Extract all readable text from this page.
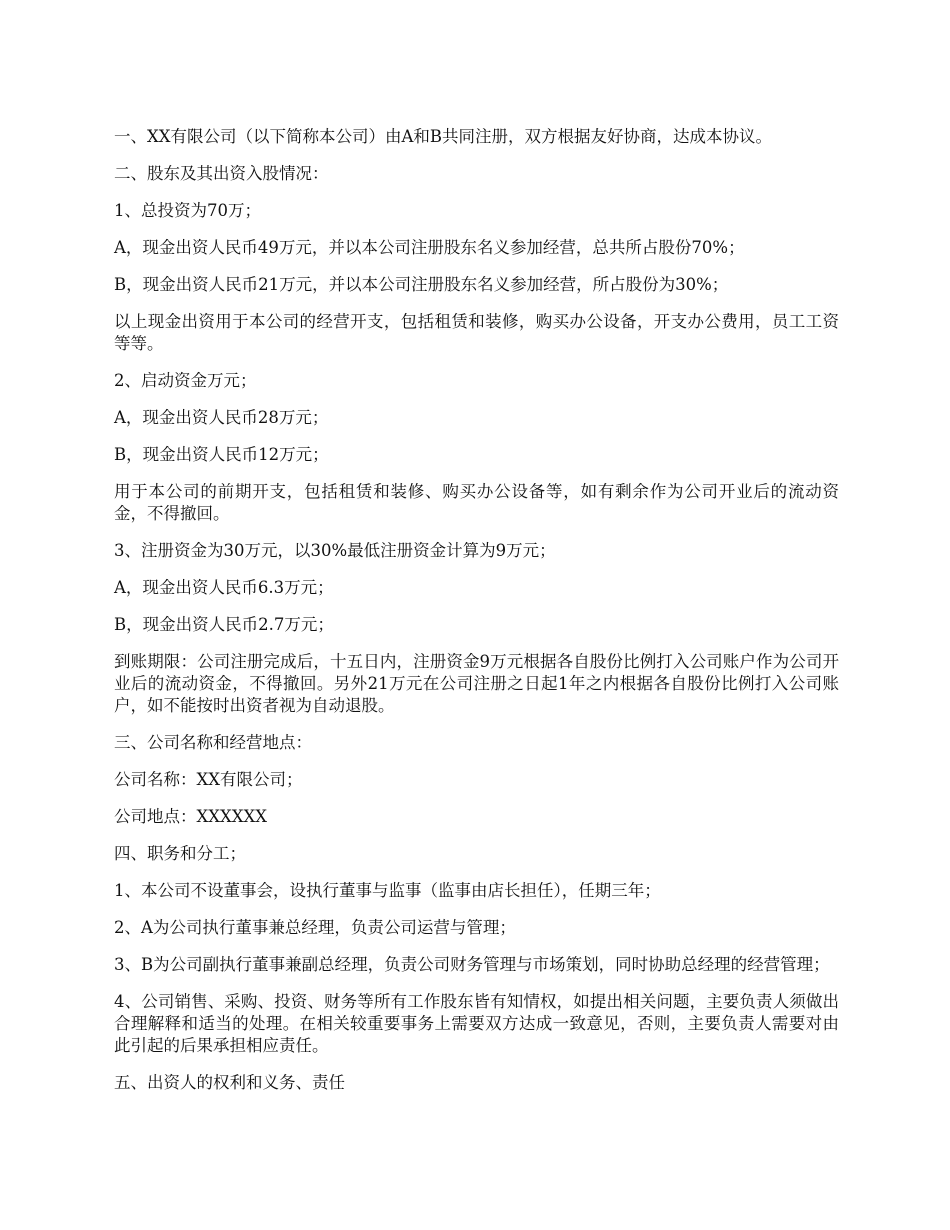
一、XX有限公司（以下简称本公司）由A和B共同注册，双方根据友好协商，达成本协议。

二、股东及其出资入股情况：

1、总投资为70万；

A，现金出资人民币49万元，并以本公司注册股东名义参加经营，总共所占股份70%；

B，现金出资人民币21万元，并以本公司注册股东名义参加经营，所占股份为30%；

以上现金出资用于本公司的经营开支，包括租赁和装修，购买办公设备，开支办公费用，员工工资等等。

2、启动资金万元；

A，现金出资人民币28万元；

B，现金出资人民币12万元；

用于本公司的前期开支，包括租赁和装修、购买办公设备等，如有剩余作为公司开业后的流动资金，不得撤回。

3、注册资金为30万元，以30%最低注册资金计算为9万元；

A，现金出资人民币6.3万元；

B，现金出资人民币2.7万元；

到账期限：公司注册完成后，十五日内，注册资金9万元根据各自股份比例打入公司账户作为公司开业后的流动资金，不得撤回。另外21万元在公司注册之日起1年之内根据各自股份比例打入公司账户，如不能按时出资者视为自动退股。

三、公司名称和经营地点：

公司名称：XX有限公司；

公司地点：XXXXXX

四、职务和分工；

1、本公司不设董事会，设执行董事与监事（监事由店长担任），任期三年；

2、A为公司执行董事兼总经理，负责公司运营与管理；

3、B为公司副执行董事兼副总经理，负责公司财务管理与市场策划，同时协助总经理的经营管理；

4、公司销售、采购、投资、财务等所有工作股东皆有知情权，如提出相关问题，主要负责人须做出合理解释和适当的处理。在相关较重要事务上需要双方达成一致意见，否则，主要负责人需要对由此引起的后果承担相应责任。

五、出资人的权利和义务、责任
